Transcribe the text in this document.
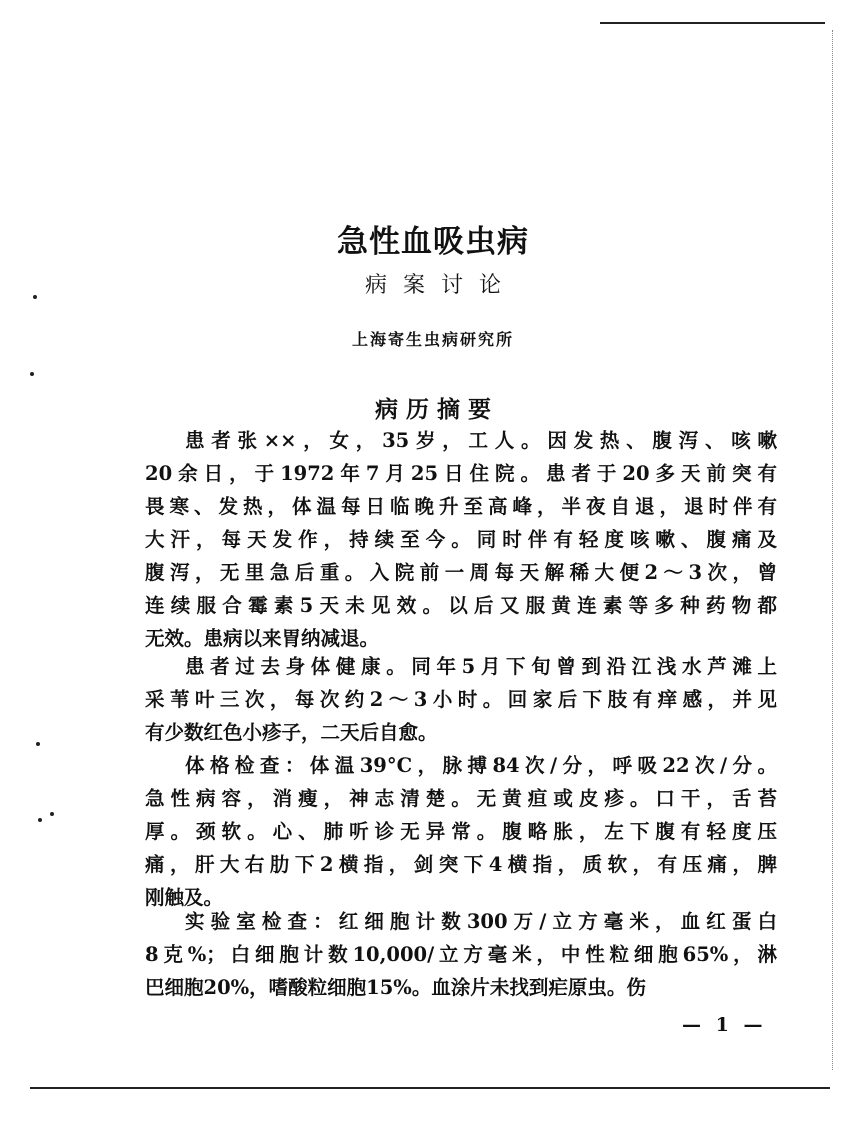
急性血吸虫病
病案讨论
上海寄生虫病研究所
病历摘要
患者张××，女，35岁，工人。因发热、腹泻、咳嗽
20余日，于1972年7月25日住院。患者于20多天前突有
畏寒、发热，体温每日临晚升至高峰，半夜自退，退时伴有
大汗，每天发作，持续至今。同时伴有轻度咳嗽、腹痛及
腹泻，无里急后重。入院前一周每天解稀大便2～3次，曾
连续服合霉素5天未见效。以后又服黄连素等多种药物都
无效。患病以来胃纳减退。
患者过去身体健康。同年5月下旬曾到沿江浅水芦滩上
采苇叶三次，每次约2～3小时。回家后下肢有痒感，并见
有少数红色小疹子，二天后自愈。
体格检查：体温39°C，脉搏84次/分，呼吸22次/分。
急性病容，消瘦，神志清楚。无黄疸或皮疹。口干，舌苔
厚。颈软。心、肺听诊无异常。腹略胀，左下腹有轻度压
痛，肝大右肋下2横指，剑突下4横指，质软，有压痛，脾
刚触及。
实验室检查：红细胞计数300万/立方毫米，血红蛋白
8克%；白细胞计数10,000/立方毫米，中性粒细胞65%，淋
巴细胞20%，嗜酸粒细胞15%。血涂片未找到疟原虫。伤
— 1 —
